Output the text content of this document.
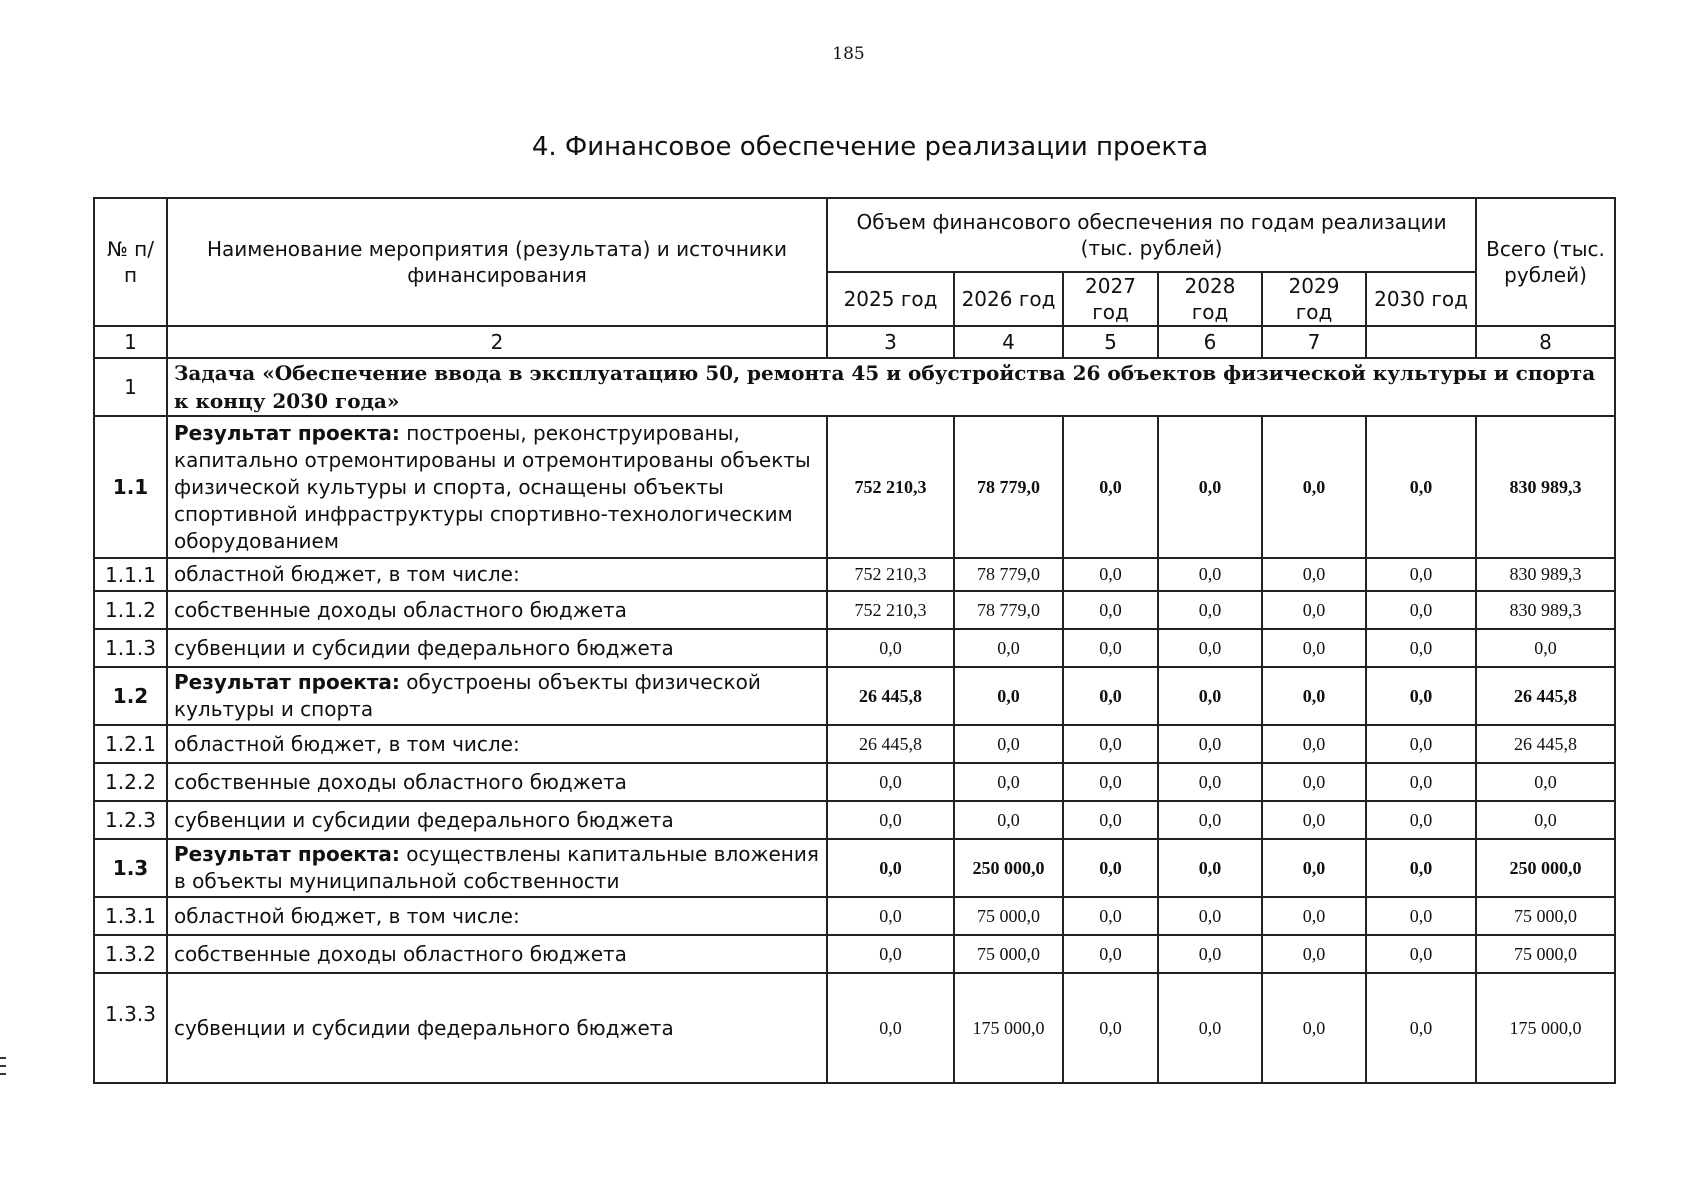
185
4. Финансовое обеспечение реализации проекта
№ п/п	Наименование мероприятия (результата) и источники финансирования	Объем финансового обеспечения по годам реализации (тыс. рублей)						Всего (тыс. рублей)
		2025 год	2026 год	2027 год	2028 год	2029 год	2030 год	
1	2	3	4	5	6	7		8
1	Задача «Обеспечение ввода в эксплуатацию 50, ремонта 45 и обустройства 26 объектов физической культуры и спорта к концу 2030 года»							
1.1	Результат проекта: построены, реконструированы, капитально отремонтированы и отремонтированы объекты физической культуры и спорта, оснащены объекты спортивной инфраструктуры спортивно-технологическим оборудованием	752 210,3	78 779,0	0,0	0,0	0,0	0,0	830 989,3
1.1.1	областной бюджет, в том числе:	752 210,3	78 779,0	0,0	0,0	0,0	0,0	830 989,3
1.1.2	собственные доходы областного бюджета	752 210,3	78 779,0	0,0	0,0	0,0	0,0	830 989,3
1.1.3	субвенции и субсидии федерального бюджета	0,0	0,0	0,0	0,0	0,0	0,0	0,0
1.2	Результат проекта: обустроены объекты физической культуры и спорта	26 445,8	0,0	0,0	0,0	0,0	0,0	26 445,8
1.2.1	областной бюджет, в том числе:	26 445,8	0,0	0,0	0,0	0,0	0,0	26 445,8
1.2.2	собственные доходы областного бюджета	0,0	0,0	0,0	0,0	0,0	0,0	0,0
1.2.3	субвенции и субсидии федерального бюджета	0,0	0,0	0,0	0,0	0,0	0,0	0,0
1.3	Результат проекта: осуществлены капитальные вложения в объекты муниципальной собственности	0,0	250 000,0	0,0	0,0	0,0	0,0	250 000,0
1.3.1	областной бюджет, в том числе:	0,0	75 000,0	0,0	0,0	0,0	0,0	75 000,0
1.3.2	собственные доходы областного бюджета	0,0	75 000,0	0,0	0,0	0,0	0,0	75 000,0
1.3.3	субвенции и субсидии федерального бюджета	0,0	175 000,0	0,0	0,0	0,0	0,0	175 000,0
